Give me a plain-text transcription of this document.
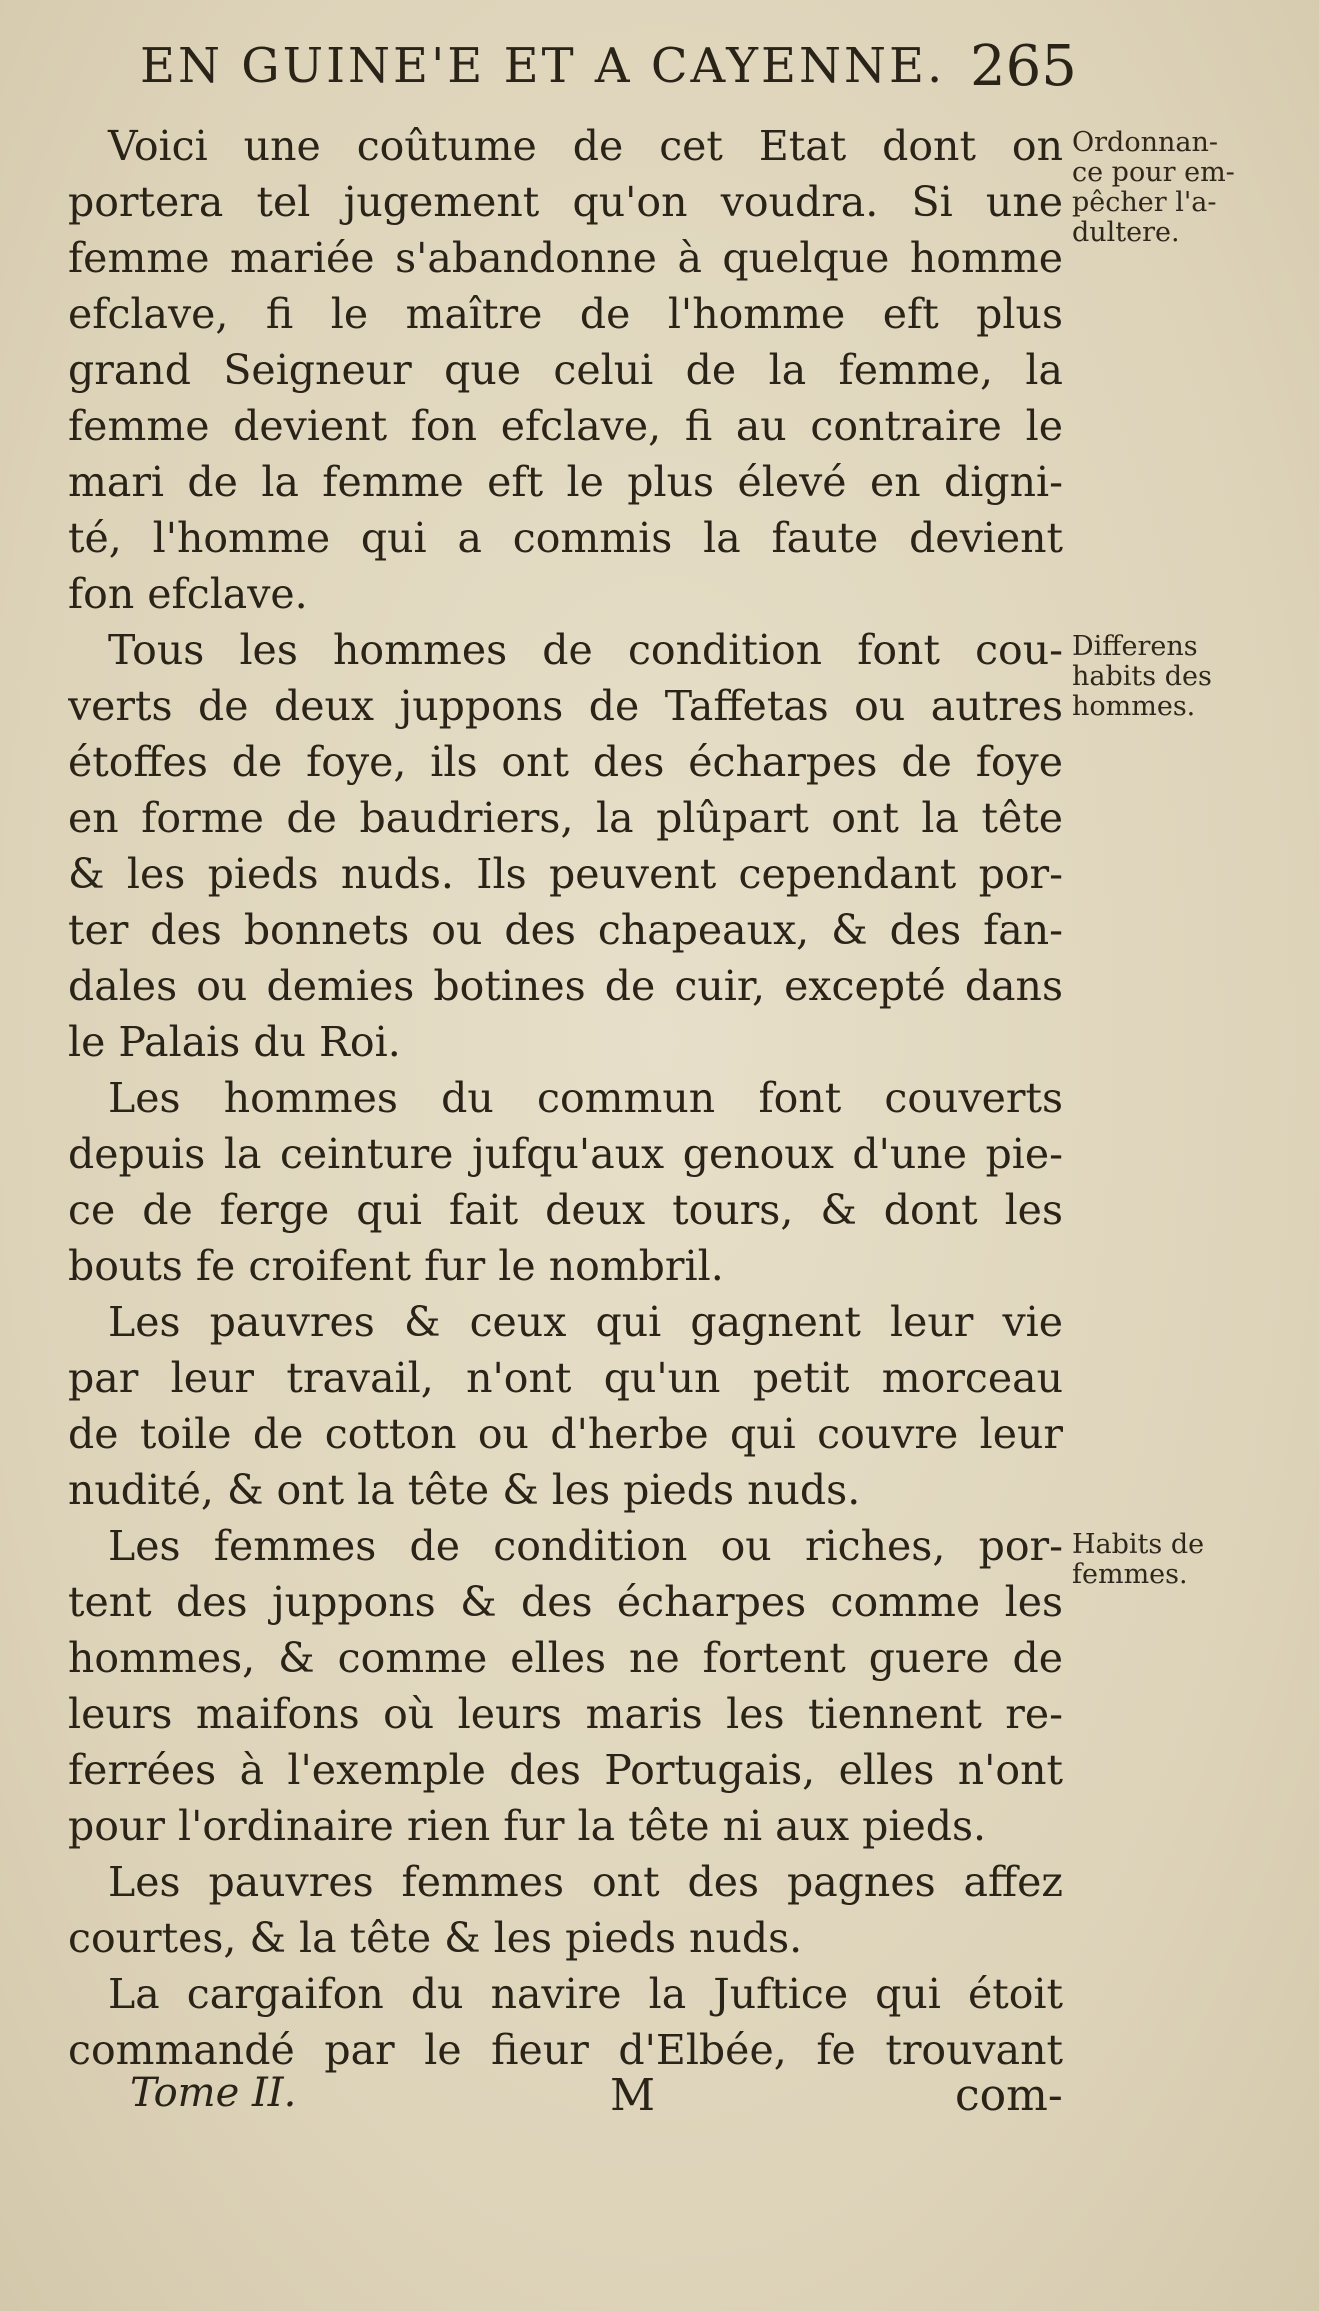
EN GUINE'E ET A CAYENNE. 265
Voici une coûtume de cet Etat dont on
portera tel jugement qu'on voudra. Si une
femme mariée s'abandonne à quelque homme
efclave, fi le maître de l'homme eft plus
grand Seigneur que celui de la femme, la
femme devient fon efclave, fi au contraire le
mari de la femme eft le plus élevé en digni-
té, l'homme qui a commis la faute devient
fon efclave.
Tous les hommes de condition font cou-
verts de deux juppons de Taffetas ou autres
étoffes de foye, ils ont des écharpes de foye
en forme de baudriers, la plûpart ont la tête
& les pieds nuds. Ils peuvent cependant por-
ter des bonnets ou des chapeaux, & des fan-
dales ou demies botines de cuir, excepté dans
le Palais du Roi.
Les hommes du commun font couverts
depuis la ceinture jufqu'aux genoux d'une pie-
ce de ferge qui fait deux tours, & dont les
bouts fe croifent fur le nombril.
Les pauvres & ceux qui gagnent leur vie
par leur travail, n'ont qu'un petit morceau
de toile de cotton ou d'herbe qui couvre leur
nudité, & ont la tête & les pieds nuds.
Les femmes de condition ou riches, por-
tent des juppons & des écharpes comme les
hommes, & comme elles ne fortent guere de
leurs maifons où leurs maris les tiennent re-
ferrées à l'exemple des Portugais, elles n'ont
pour l'ordinaire rien fur la tête ni aux pieds.
Les pauvres femmes ont des pagnes affez
courtes, & la tête & les pieds nuds.
La cargaifon du navire la Juftice qui étoit
commandé par le fieur d'Elbée, fe trouvant
Ordonnan-
ce pour em-
pêcher l'a-
dultere.
Differens
habits des
hommes.
Habits de
femmes.
Tome II.	M	com-
